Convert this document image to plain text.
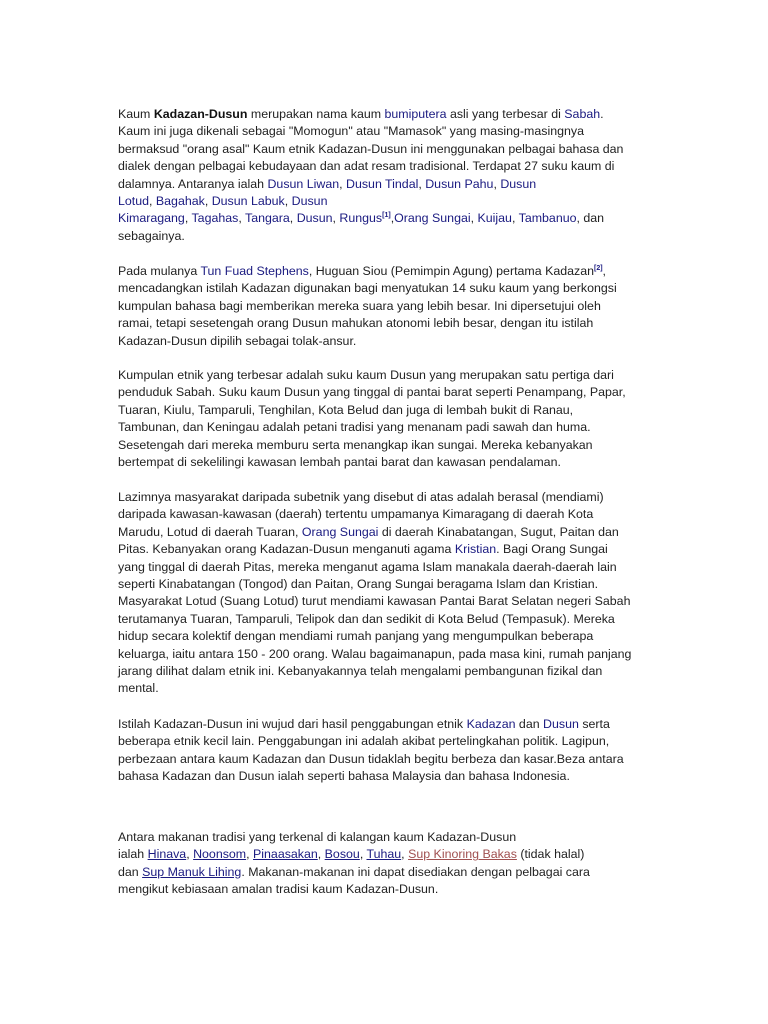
Kaum Kadazan-Dusun merupakan nama kaum bumiputera asli yang terbesar di Sabah.
Kaum ini juga dikenali sebagai "Momogun" atau "Mamasok" yang masing-masingnya
bermaksud "orang asal" Kaum etnik Kadazan-Dusun ini menggunakan pelbagai bahasa dan
dialek dengan pelbagai kebudayaan dan adat resam tradisional. Terdapat 27 suku kaum di
dalamnya. Antaranya ialah Dusun Liwan, Dusun Tindal, Dusun Pahu, Dusun
Lotud, Bagahak, Dusun Labuk, Dusun
Kimaragang, Tagahas, Tangara, Dusun, Rungus[1],Orang Sungai, Kuijau, Tambanuo, dan
sebagainya.

Pada mulanya Tun Fuad Stephens, Huguan Siou (Pemimpin Agung) pertama Kadazan[2],
mencadangkan istilah Kadazan digunakan bagi menyatukan 14 suku kaum yang berkongsi
kumpulan bahasa bagi memberikan mereka suara yang lebih besar. Ini dipersetujui oleh
ramai, tetapi sesetengah orang Dusun mahukan atonomi lebih besar, dengan itu istilah
Kadazan-Dusun dipilih sebagai tolak-ansur.

Kumpulan etnik yang terbesar adalah suku kaum Dusun yang merupakan satu pertiga dari
penduduk Sabah. Suku kaum Dusun yang tinggal di pantai barat seperti Penampang, Papar,
Tuaran, Kiulu, Tamparuli, Tenghilan, Kota Belud dan juga di lembah bukit di Ranau,
Tambunan, dan Keningau adalah petani tradisi yang menanam padi sawah dan huma.
Sesetengah dari mereka memburu serta menangkap ikan sungai. Mereka kebanyakan
bertempat di sekelilingi kawasan lembah pantai barat dan kawasan pendalaman.

Lazimnya masyarakat daripada subetnik yang disebut di atas adalah berasal (mendiami)
daripada kawasan-kawasan (daerah) tertentu umpamanya Kimaragang di daerah Kota
Marudu, Lotud di daerah Tuaran, Orang Sungai di daerah Kinabatangan, Sugut, Paitan dan
Pitas. Kebanyakan orang Kadazan-Dusun menganuti agama Kristian. Bagi Orang Sungai
yang tinggal di daerah Pitas, mereka menganut agama Islam manakala daerah-daerah lain
seperti Kinabatangan (Tongod) dan Paitan, Orang Sungai beragama Islam dan Kristian.
Masyarakat Lotud (Suang Lotud) turut mendiami kawasan Pantai Barat Selatan negeri Sabah
terutamanya Tuaran, Tamparuli, Telipok dan dan sedikit di Kota Belud (Tempasuk). Mereka
hidup secara kolektif dengan mendiami rumah panjang yang mengumpulkan beberapa
keluarga, iaitu antara 150 - 200 orang. Walau bagaimanapun, pada masa kini, rumah panjang
jarang dilihat dalam etnik ini. Kebanyakannya telah mengalami pembangunan fizikal dan
mental.

Istilah Kadazan-Dusun ini wujud dari hasil penggabungan etnik Kadazan dan Dusun serta
beberapa etnik kecil lain. Penggabungan ini adalah akibat pertelingkahan politik. Lagipun,
perbezaan antara kaum Kadazan dan Dusun tidaklah begitu berbeza dan kasar.Beza antara
bahasa Kadazan dan Dusun ialah seperti bahasa Malaysia dan bahasa Indonesia.

Antara makanan tradisi yang terkenal di kalangan kaum Kadazan-Dusun
ialah Hinava, Noonsom, Pinaasakan, Bosou, Tuhau, Sup Kinoring Bakas (tidak halal)
dan Sup Manuk Lihing. Makanan-makanan ini dapat disediakan dengan pelbagai cara
mengikut kebiasaan amalan tradisi kaum Kadazan-Dusun.
